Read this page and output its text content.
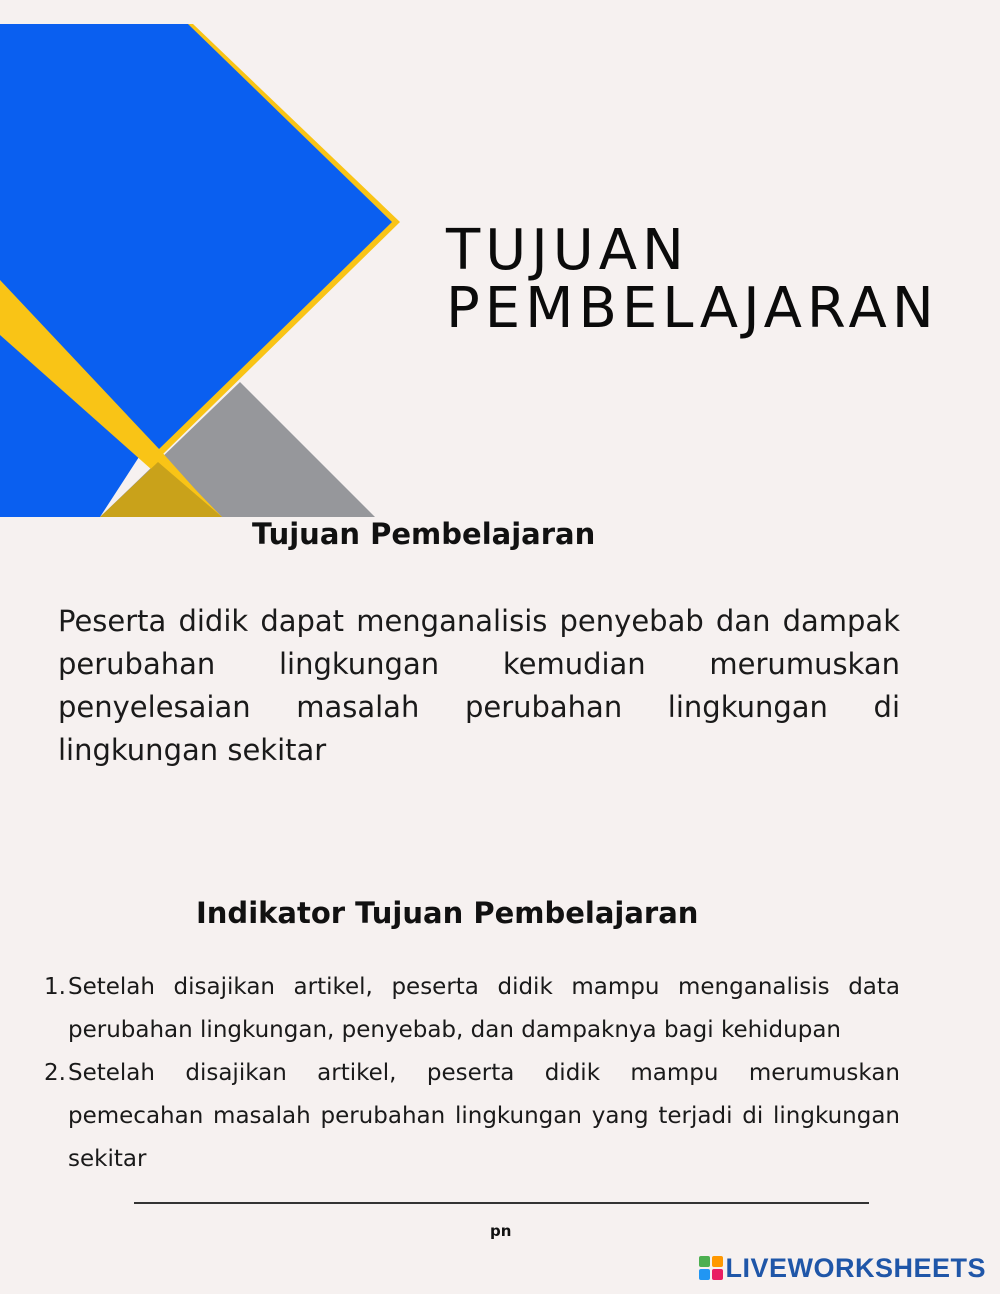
TUJUAN
PEMBELAJARAN
Tujuan Pembelajaran

Peserta didik dapat menganalisis penyebab dan dampak perubahan lingkungan kemudian merumuskan penyelesaian masalah perubahan lingkungan di lingkungan sekitar

Indikator Tujuan Pembelajaran
1. Setelah disajikan artikel, peserta didik mampu menganalisis data perubahan lingkungan, penyebab, dan dampaknya bagi kehidupan
2. Setelah disajikan artikel, peserta didik mampu merumuskan pemecahan masalah perubahan lingkungan yang terjadi di lingkungan sekitar
pn
LIVEWORKSHEETS
